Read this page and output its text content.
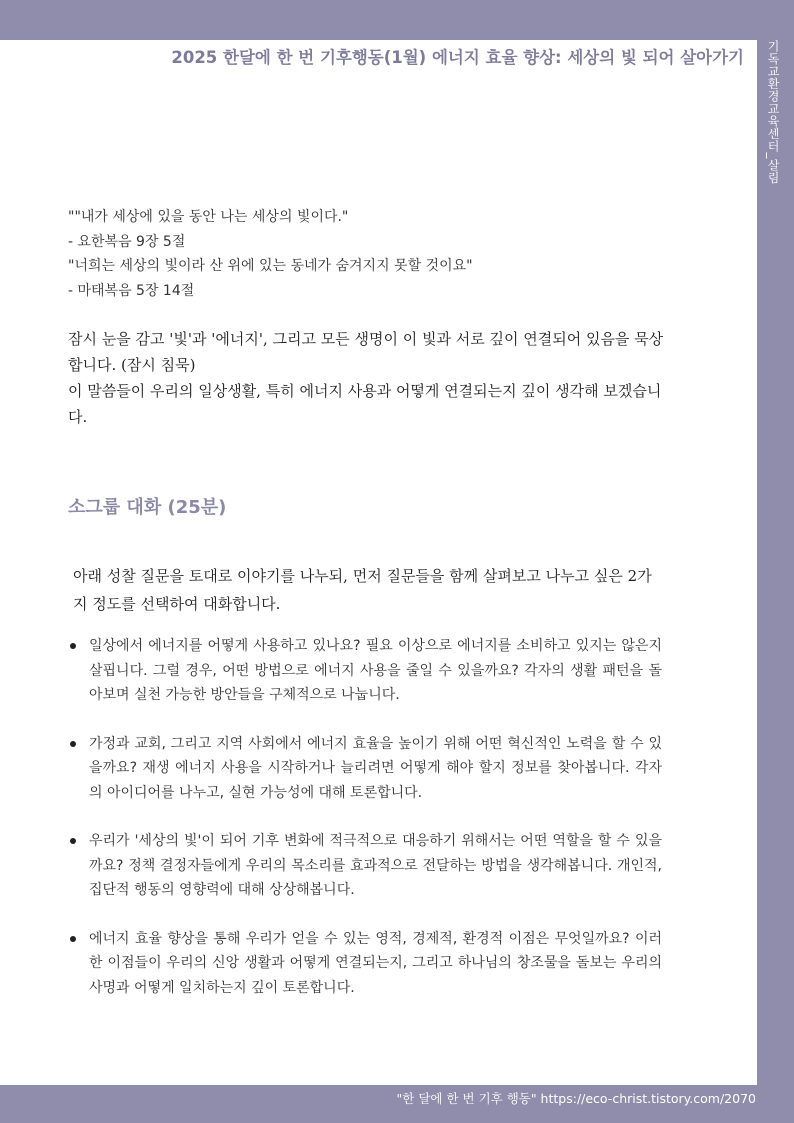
기독교환경교육센터_살림
2025 한달에 한 번 기후행동(1월) 에너지 효율 향상: 세상의 빛 되어 살아가기
""내가 세상에 있을 동안 나는 세상의 빛이다."
- 요한복음 9장 5절
"너희는 세상의 빛이라 산 위에 있는 동네가 숨겨지지 못할 것이요"
- 마태복음 5장 14절

잠시 눈을 감고 '빛'과 '에너지', 그리고 모든 생명이 이 빛과 서로 깊이 연결되어 있음을 묵상합니다. (잠시 침묵)

이 말씀들이 우리의 일상생활, 특히 에너지 사용과 어떻게 연결되는지 깊이 생각해 보겠습니다.

소그룹 대화 (25분)

아래 성찰 질문을 토대로 이야기를 나누되, 먼저 질문들을 함께 살펴보고 나누고 싶은 2가지 정도를 선택하여 대화합니다.

일상에서 에너지를 어떻게 사용하고 있나요? 필요 이상으로 에너지를 소비하고 있지는 않은지 살핍니다. 그럴 경우, 어떤 방법으로 에너지 사용을 줄일 수 있을까요? 각자의 생활 패턴을 돌아보며 실천 가능한 방안들을 구체적으로 나눕니다.
가정과 교회, 그리고 지역 사회에서 에너지 효율을 높이기 위해 어떤 혁신적인 노력을 할 수 있을까요? 재생 에너지 사용을 시작하거나 늘리려면 어떻게 해야 할지 정보를 찾아봅니다. 각자의 아이디어를 나누고, 실현 가능성에 대해 토론합니다.
우리가 '세상의 빛'이 되어 기후 변화에 적극적으로 대응하기 위해서는 어떤 역할을 할 수 있을까요? 정책 결정자들에게 우리의 목소리를 효과적으로 전달하는 방법을 생각해봅니다. 개인적, 집단적 행동의 영향력에 대해 상상해봅니다.
에너지 효율 향상을 통해 우리가 얻을 수 있는 영적, 경제적, 환경적 이점은 무엇일까요? 이러한 이점들이 우리의 신앙 생활과 어떻게 연결되는지, 그리고 하나님의 창조물을 돌보는 우리의 사명과 어떻게 일치하는지 깊이 토론합니다.
"한 달에 한 번 기후 행동" https://eco-christ.tistory.com/2070
